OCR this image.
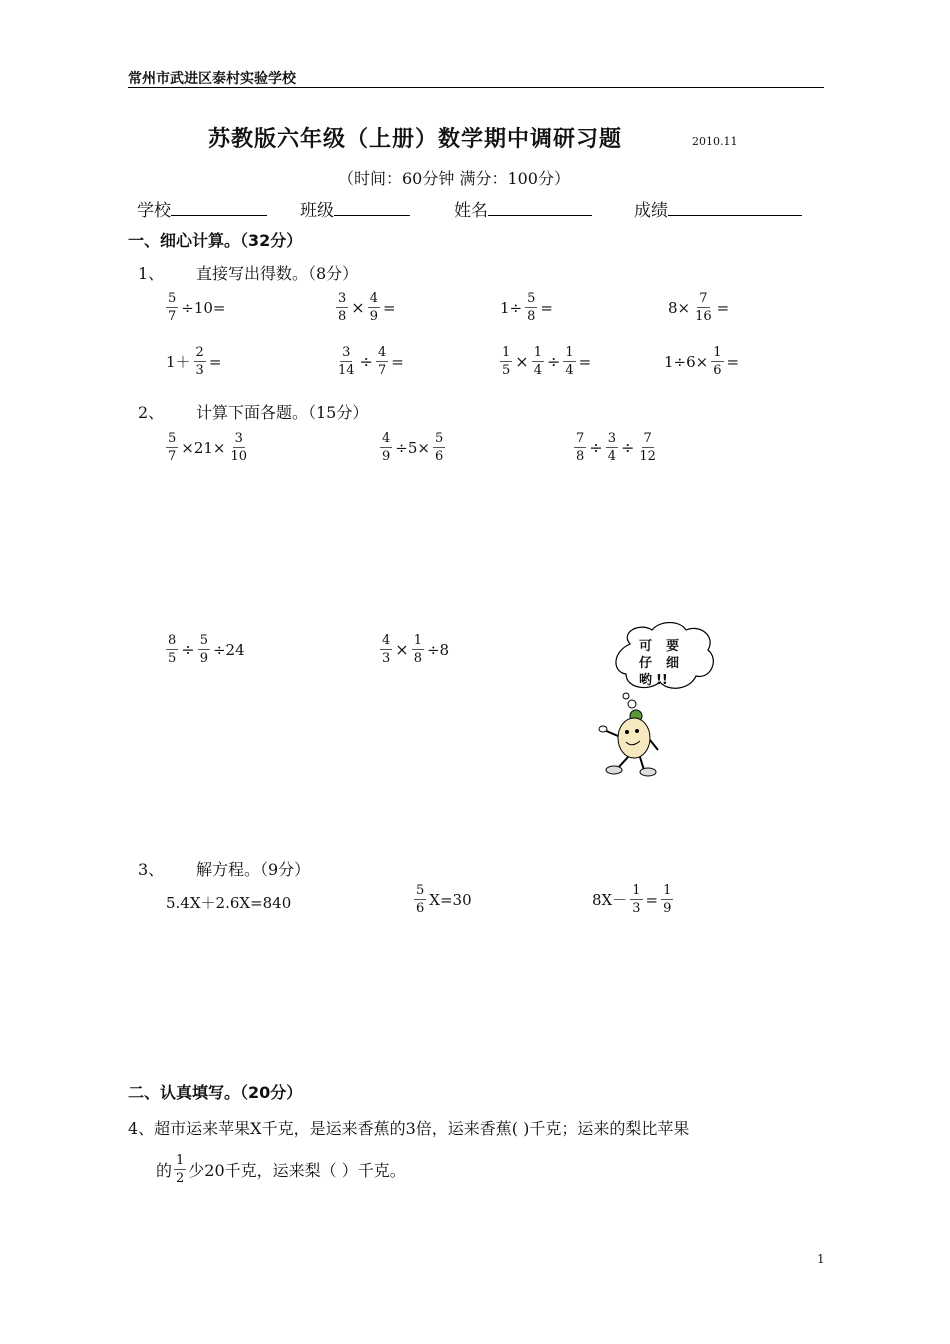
常州市武进区泰村实验学校
苏教版六年级（上册）数学期中调研习题	2010.11
（时间：60分钟 满分：100分）
学校	班级	姓名	成绩
一、细心计算。（32分）
1、 直接写出得数。（8分）
$\frac{5}{7} \div 10=$	$\frac{3}{8} \times \frac{4}{9}$ =	$1\div \frac{5}{8}$ =	$8\times \frac{7}{16}$ =
$1+ \frac{2}{3}$ =	$\frac{3}{14} \div \frac{4}{7}$ =	$\frac{1}{5} \times \frac{1}{4} \div \frac{1}{4}$ =	$1\div 6\times \frac{1}{6}$ =
2、 计算下面各题。（15分）
$\frac{5}{7} \times 21\times \frac{3}{10}$	$\frac{4}{9} \div 5\times \frac{5}{6}$	$\frac{7}{8} \div \frac{3}{4} \div \frac{7}{12}$
$\frac{8}{5} \div \frac{5}{9} \div 24$	$\frac{4}{3} \times \frac{1}{8} \div 8$	可
仔
哟
要
细
!!
3、 解方程。（9分）
5.4X＋2.6X=840	$\frac{5}{6} X=30$	$8X- \frac{1}{3} = \frac{1}{9}$
二、认真填写。（20分）
4、超市运来苹果X千克，是运来香蕉的3倍，运来香蕉( )千克；运来的梨比苹果
的 $\frac{1}{2}$ 少20千克，运来梨（ ）千克。
1
